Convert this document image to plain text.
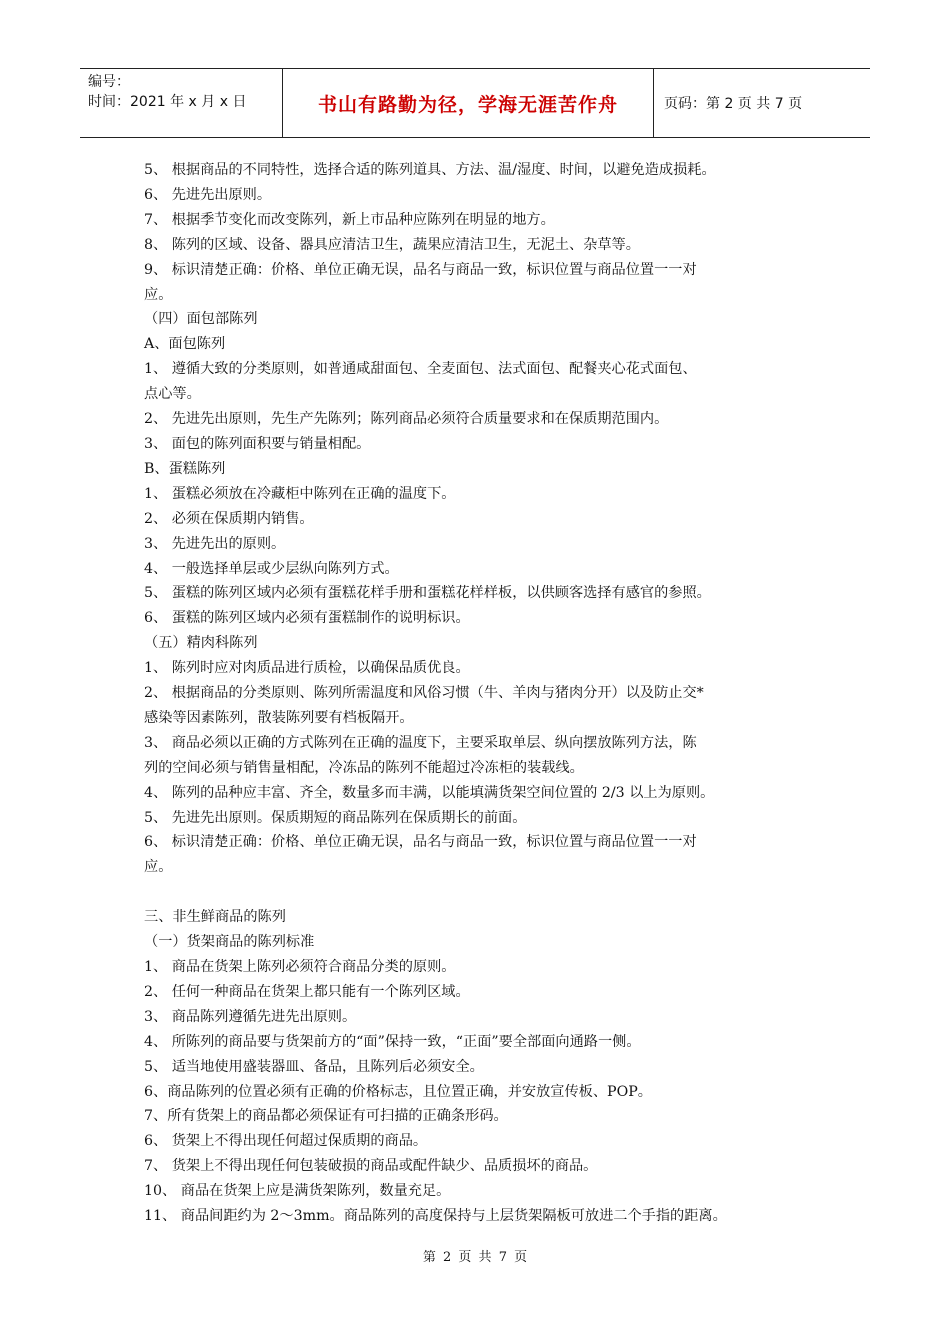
编号：
时间：2021 年 x 月 x 日	书山有路勤为径，学海无涯苦作舟	页码：第 2 页 共 7 页
5、 根据商品的不同特性，选择合适的陈列道具、方法、温/湿度、时间，以避免造成损耗。
6、 先进先出原则。
7、 根据季节变化而改变陈列，新上市品种应陈列在明显的地方。
8、 陈列的区域、设备、器具应清洁卫生，蔬果应清洁卫生，无泥土、杂草等。
9、 标识清楚正确：价格、单位正确无误，品名与商品一致，标识位置与商品位置一一对
应。
（四）面包部陈列
A、面包陈列
1、 遵循大致的分类原则，如普通咸甜面包、全麦面包、法式面包、配餐夹心花式面包、
点心等。
2、 先进先出原则，先生产先陈列；陈列商品必须符合质量要求和在保质期范围内。
3、 面包的陈列面积要与销量相配。
B、蛋糕陈列
1、 蛋糕必须放在冷藏柜中陈列在正确的温度下。
2、 必须在保质期内销售。
3、 先进先出的原则。
4、 一般选择单层或少层纵向陈列方式。
5、 蛋糕的陈列区域内必须有蛋糕花样手册和蛋糕花样样板，以供顾客选择有感官的参照。
6、 蛋糕的陈列区域内必须有蛋糕制作的说明标识。
（五）精肉科陈列
1、 陈列时应对肉质品进行质检，以确保品质优良。
2、 根据商品的分类原则、陈列所需温度和风俗习惯（牛、羊肉与猪肉分开）以及防止交*
感染等因素陈列，散装陈列要有档板隔开。
3、 商品必须以正确的方式陈列在正确的温度下，主要采取单层、纵向摆放陈列方法，陈
列的空间必须与销售量相配，冷冻品的陈列不能超过冷冻柜的装载线。
4、 陈列的品种应丰富、齐全，数量多而丰满，以能填满货架空间位置的 2/3 以上为原则。
5、 先进先出原则。保质期短的商品陈列在保质期长的前面。
6、 标识清楚正确：价格、单位正确无误，品名与商品一致，标识位置与商品位置一一对
应。
三、非生鲜商品的陈列
（一）货架商品的陈列标准
1、 商品在货架上陈列必须符合商品分类的原则。
2、 任何一种商品在货架上都只能有一个陈列区域。
3、 商品陈列遵循先进先出原则。
4、 所陈列的商品要与货架前方的“面”保持一致，“正面”要全部面向通路一侧。
5、 适当地使用盛装器皿、备品，且陈列后必须安全。
6、商品陈列的位置必须有正确的价格标志，且位置正确，并安放宣传板、POP。
7、所有货架上的商品都必须保证有可扫描的正确条形码。
6、 货架上不得出现任何超过保质期的商品。
7、 货架上不得出现任何包装破损的商品或配件缺少、品质损坏的商品。
10、 商品在货架上应是满货架陈列，数量充足。
11、 商品间距约为 2～3mm。商品陈列的高度保持与上层货架隔板可放进二个手指的距离。
第 2 页 共 7 页
